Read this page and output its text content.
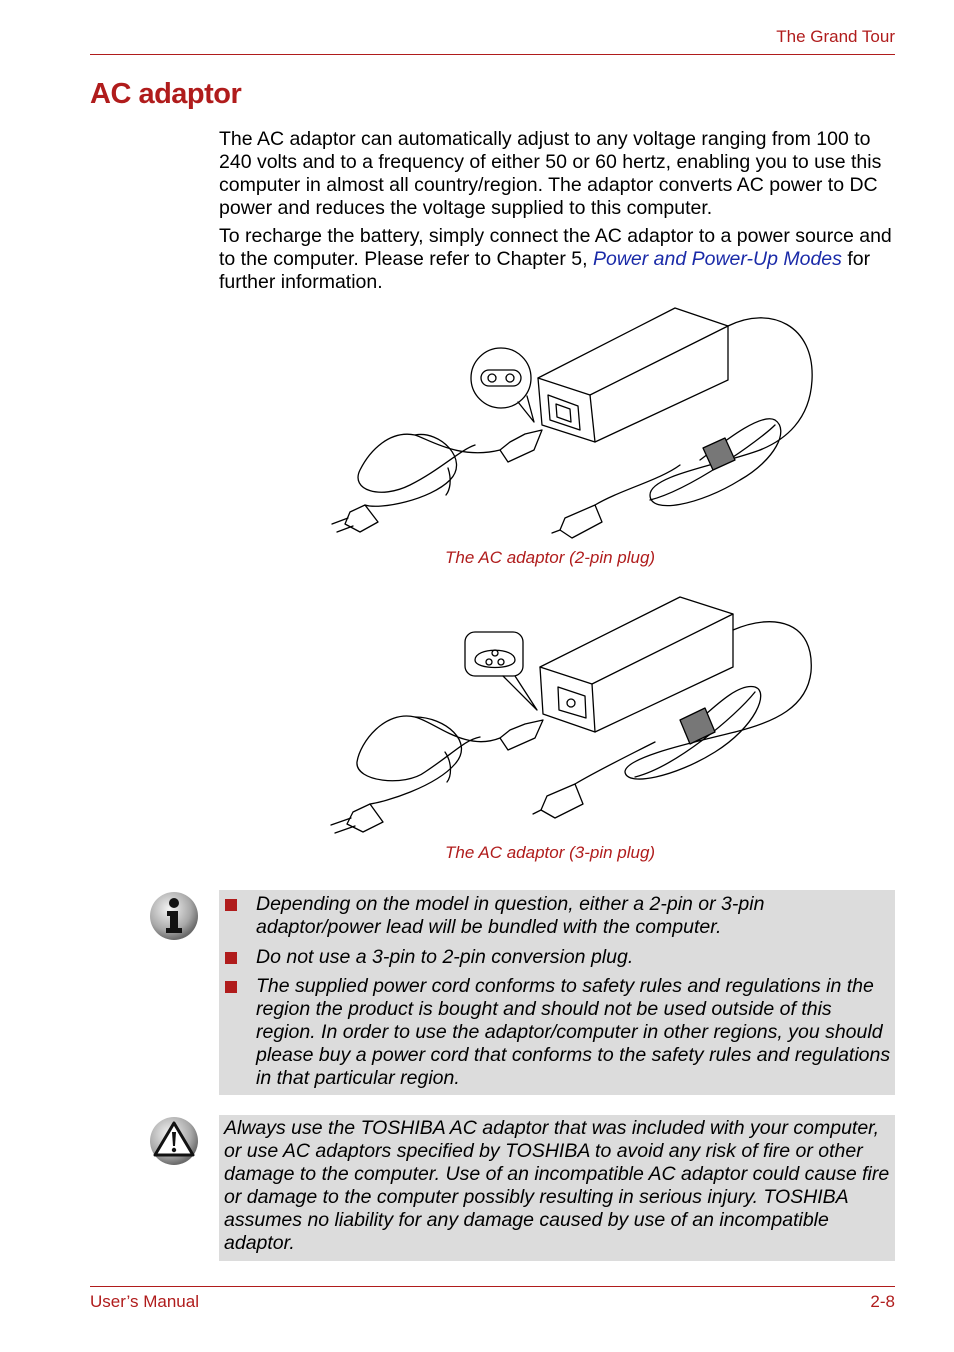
The Grand Tour
AC adaptor

The AC adaptor can automatically adjust to any voltage ranging from 100 to 240 volts and to a frequency of either 50 or 60 hertz, enabling you to use this computer in almost all country/region. The adaptor converts AC power to DC power and reduces the voltage supplied to this computer.

To recharge the battery, simply connect the AC adaptor to a power source and to the computer. Please refer to Chapter 5, Power and Power-Up Modes for further information.

The AC adaptor (2-pin plug)
The AC adaptor (3-pin plug)
Depending on the model in question, either a 2-pin or 3-pin adaptor/power lead will be bundled with the computer.
Do not use a 3-pin to 2-pin conversion plug.
The supplied power cord conforms to safety rules and regulations in the region the product is bought and should not be used outside of this region. In order to use the adaptor/computer in other regions, you should please buy a power cord that conforms to the safety rules and regulations in that particular region.
Always use the TOSHIBA AC adaptor that was included with your computer, or use AC adaptors specified by TOSHIBA to avoid any risk of fire or other damage to the computer. Use of an incompatible AC adaptor could cause fire or damage to the computer possibly resulting in serious injury. TOSHIBA assumes no liability for any damage caused by use of an incompatible adaptor.
User’s Manual	2-8
